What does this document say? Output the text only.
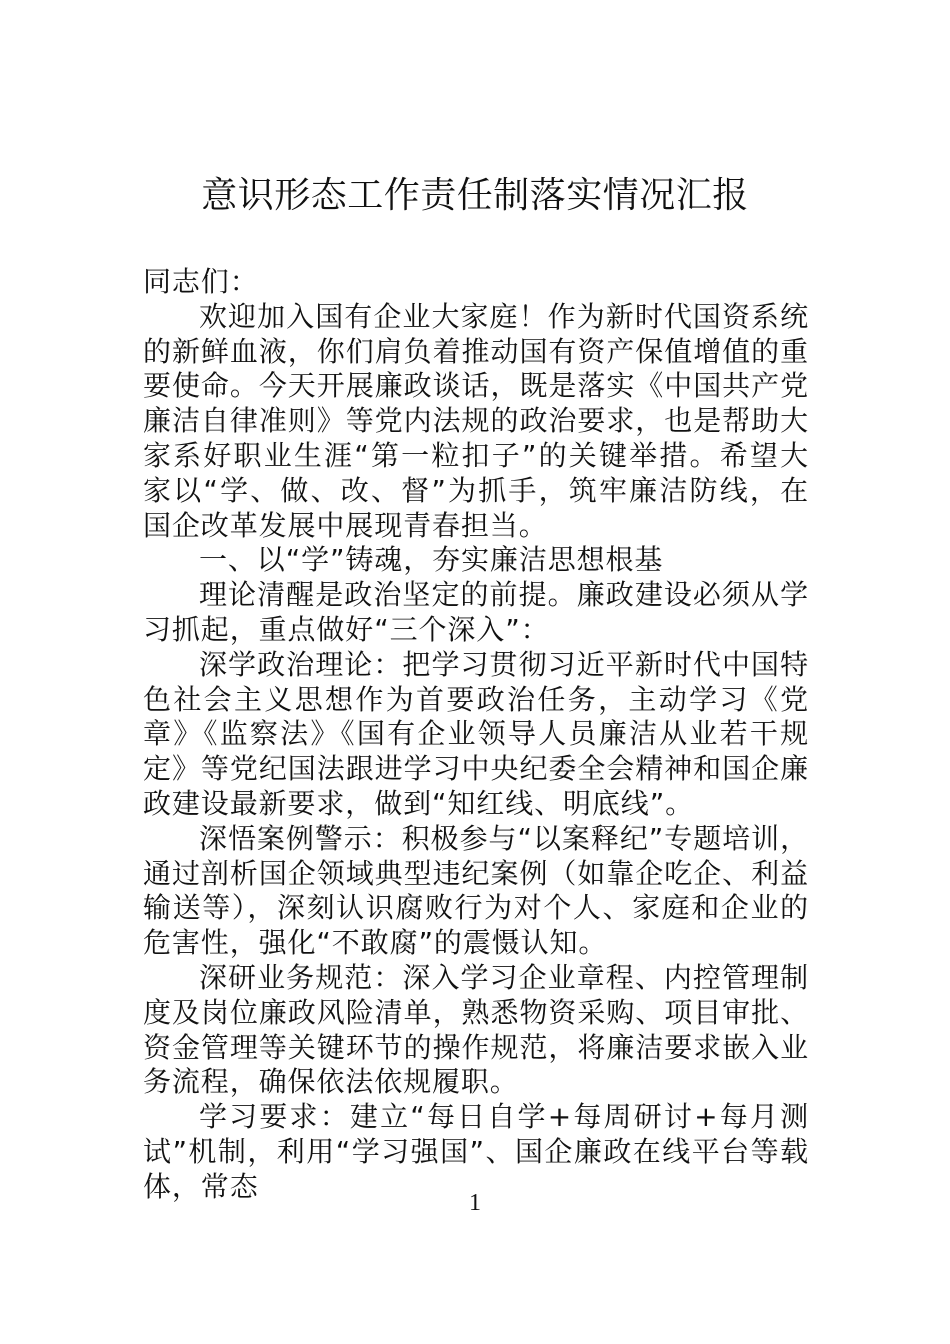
意识形态工作责任制落实情况汇报

同志们：

欢迎加入国有企业大家庭！作为新时代国资系统的新鲜血液，你们肩负着推动国有资产保值增值的重要使命。今天开展廉政谈话，既是落实《中国共产党廉洁自律准则》等党内法规的政治要求，也是帮助大家系好职业生涯“第一粒扣子”的关键举措。希望大家以“学、做、改、督”为抓手，筑牢廉洁防线，在国企改革发展中展现青春担当。

一、以“学”铸魂，夯实廉洁思想根基

理论清醒是政治坚定的前提。廉政建设必须从学习抓起，重点做好“三个深入”：

深学政治理论：把学习贯彻习近平新时代中国特色社会主义思想作为首要政治任务，主动学习《党章》《监察法》《国有企业领导人员廉洁从业若干规定》等党纪国法跟进学习中央纪委全会精神和国企廉政建设最新要求，做到“知红线、明底线”。

深悟案例警示：积极参与“以案释纪”专题培训，通过剖析国企领域典型违纪案例（如靠企吃企、利益输送等），深刻认识腐败行为对个人、家庭和企业的危害性，强化“不敢腐”的震慑认知。

深研业务规范：深入学习企业章程、内控管理制度及岗位廉政风险清单，熟悉物资采购、项目审批、资金管理等关键环节的操作规范，将廉洁要求嵌入业务流程，确保依法依规履职。

学习要求：建立“每日自学+每周研讨+每月测试”机制，利用“学习强国”、国企廉政在线平台等载体，常态

1
